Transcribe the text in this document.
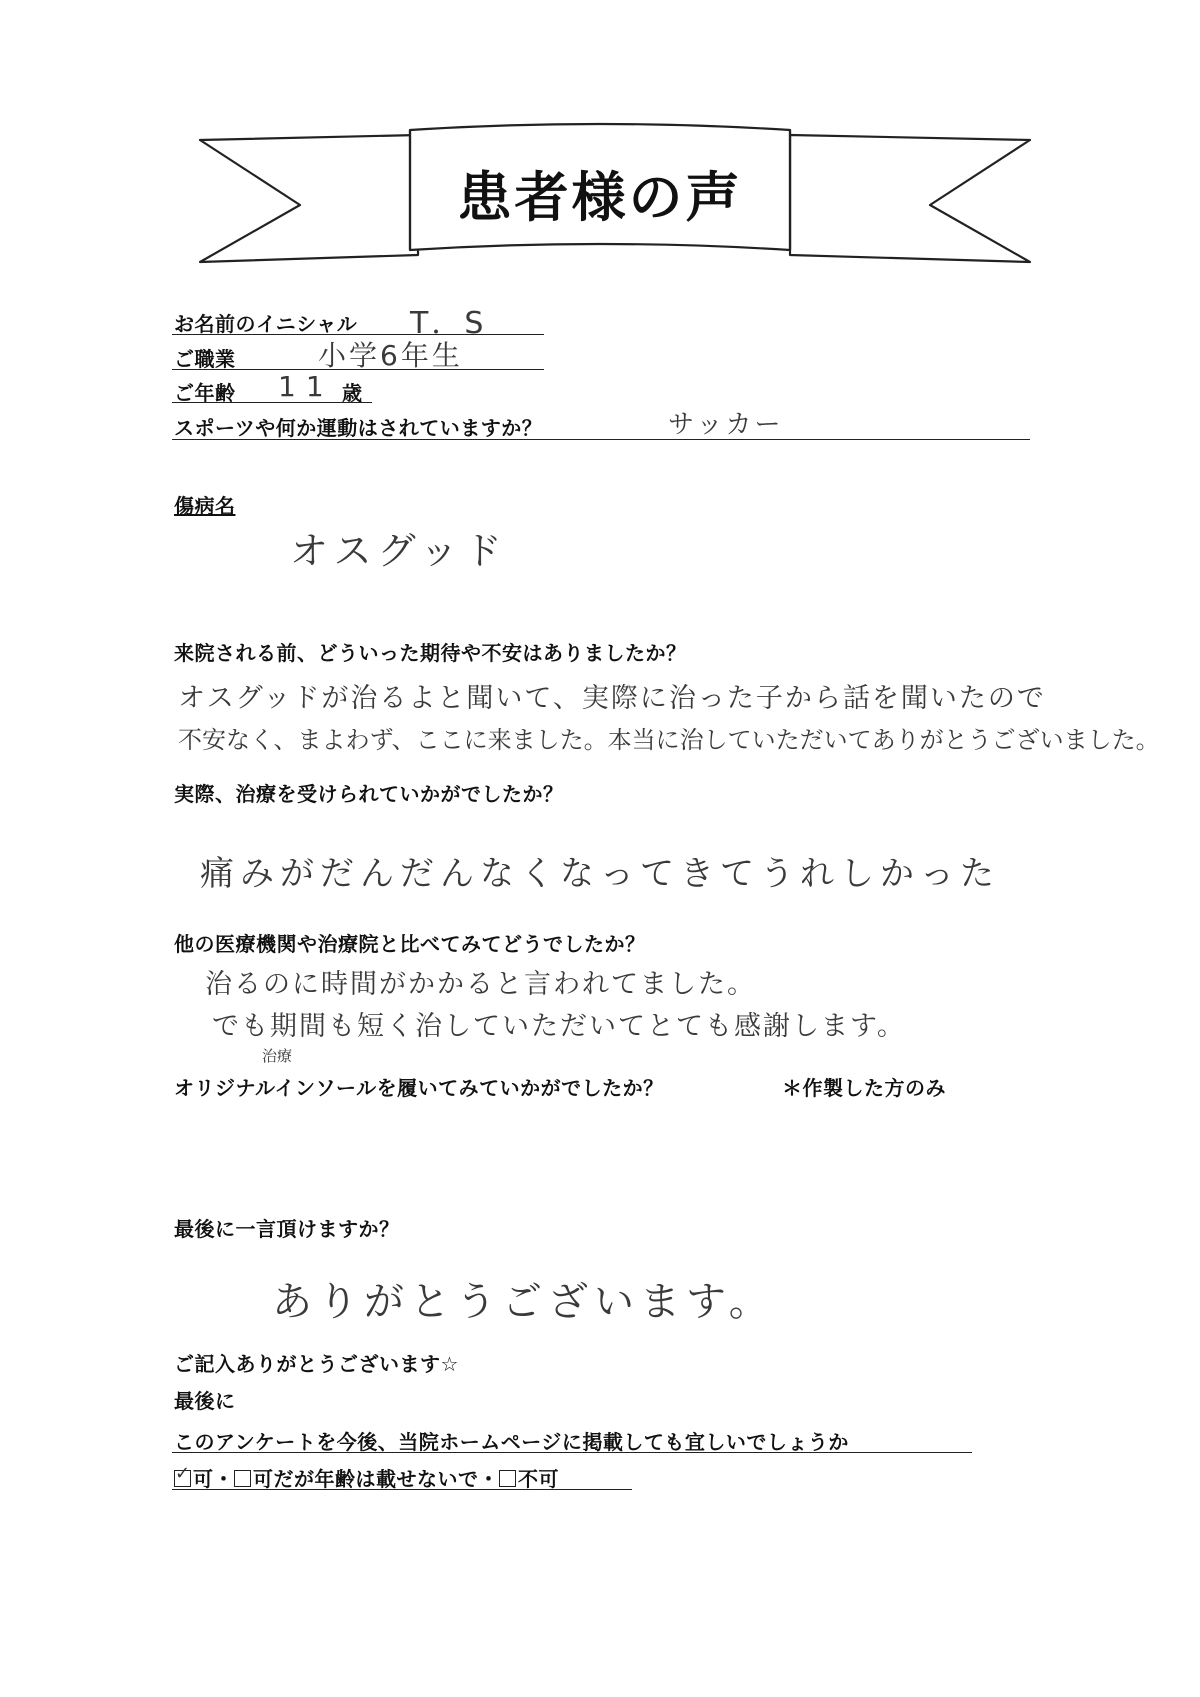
患者様の声
お名前のイニシャル T．S
ご職業	小学6年生
ご年齢 11 歳
スポーツや何か運動はされていますか？	サッカー
傷病名
オスグッド
来院される前、どういった期待や不安はありましたか？
オスグッドが治るよと聞いて、実際に治った子から話を聞いたので
不安なく、まよわず、ここに来ました。本当に治していただいてありがとうございました。
実際、治療を受けられていかがでしたか？
痛みがだんだんなくなってきてうれしかった
他の医療機関や治療院と比べてみてどうでしたか？
治るのに時間がかかると言われてました。
治療
でも期間も短く治していただいてとても感謝します。
オリジナルインソールを履いてみていかがでしたか？	＊作製した方のみ
最後に一言頂けますか？
ありがとうございます。
ご記入ありがとうございます☆
最後に
このアンケートを今後、当院ホームページに掲載しても宜しいでしょうか
✓ 可・ 可だが年齢は載せないで・ 不可
